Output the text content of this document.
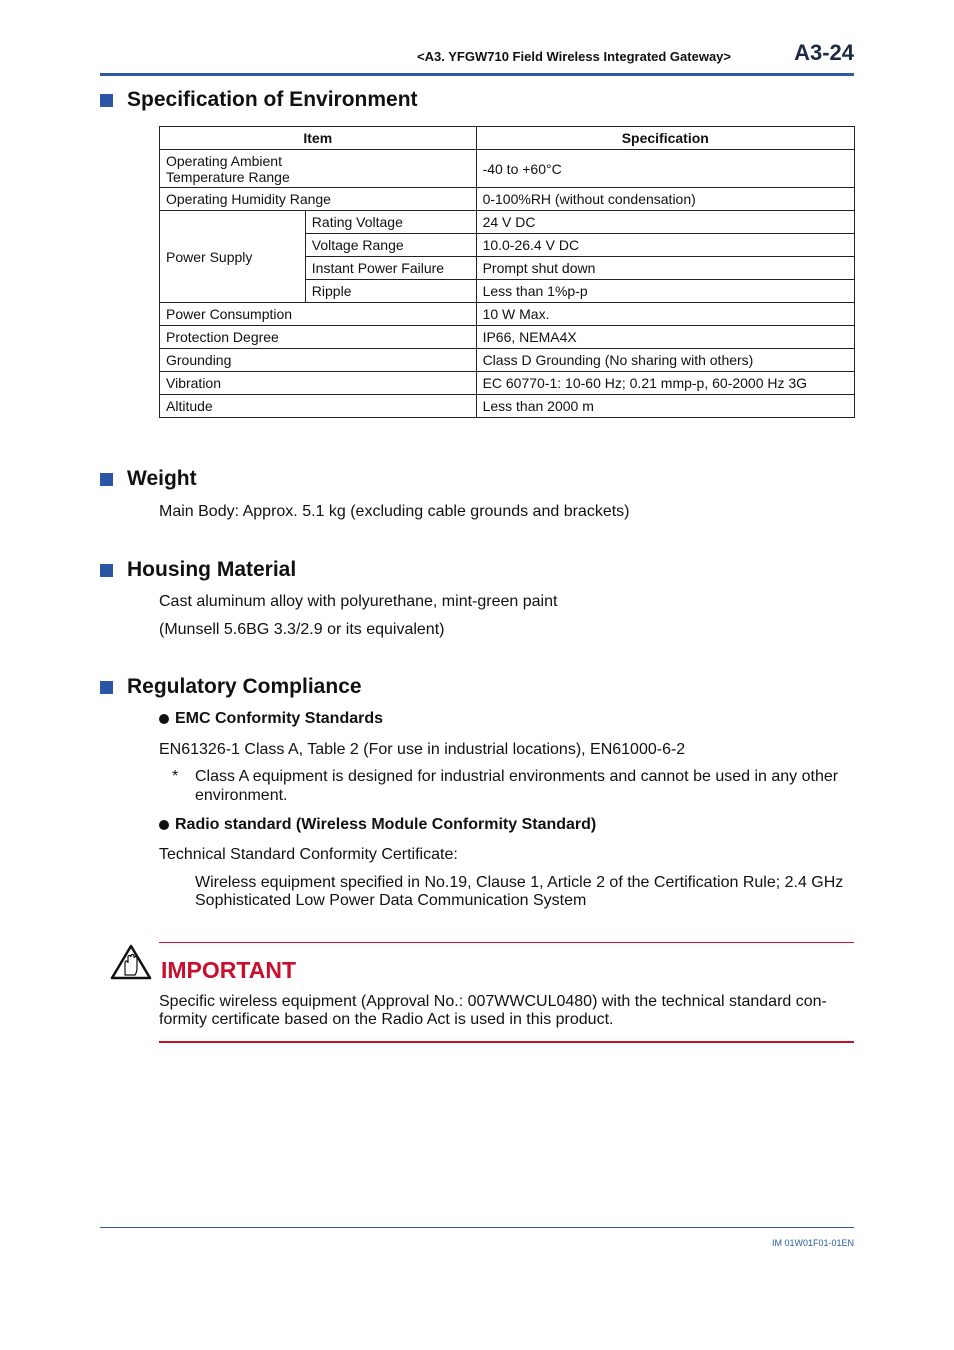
<A3. YFGW710 Field Wireless Integrated Gateway>	A3-24
Specification of Environment
Item		Specification

Operating Ambient
Temperature Range		-40 to +60°C
Operating Humidity Range		0-100%RH (without condensation)
Power Supply	Rating Voltage	24 V DC
	Voltage Range	10.0-26.4 V DC
	Instant Power Failure	Prompt shut down
	Ripple	Less than 1%p-p
Power Consumption		10 W Max.
Protection Degree		IP66, NEMA4X
Grounding		Class D Grounding (No sharing with others)
Vibration		EC 60770-1: 10-60 Hz; 0.21 mmp-p, 60-2000 Hz 3G
Altitude		Less than 2000 m
Weight
Main Body: Approx. 5.1 kg (excluding cable grounds and brackets)
Housing Material
Cast aluminum alloy with polyurethane, mint-green paint
(Munsell 5.6BG 3.3/2.9 or its equivalent)
Regulatory Compliance
EMC Conformity Standards
EN61326-1 Class A, Table 2 (For use in industrial locations), EN61000-6-2
* Class A equipment is designed for industrial environments and cannot be used in any other
environment.
Radio standard (Wireless Module Conformity Standard)
Technical Standard Conformity Certificate:
Wireless equipment specified in No.19, Clause 1, Article 2 of the Certification Rule; 2.4 GHz
Sophisticated Low Power Data Communication System
IMPORTANT
Specific wireless equipment (Approval No.: 007WWCUL0480) with the technical standard con-
formity certificate based on the Radio Act is used in this product.
IM 01W01F01-01EN
